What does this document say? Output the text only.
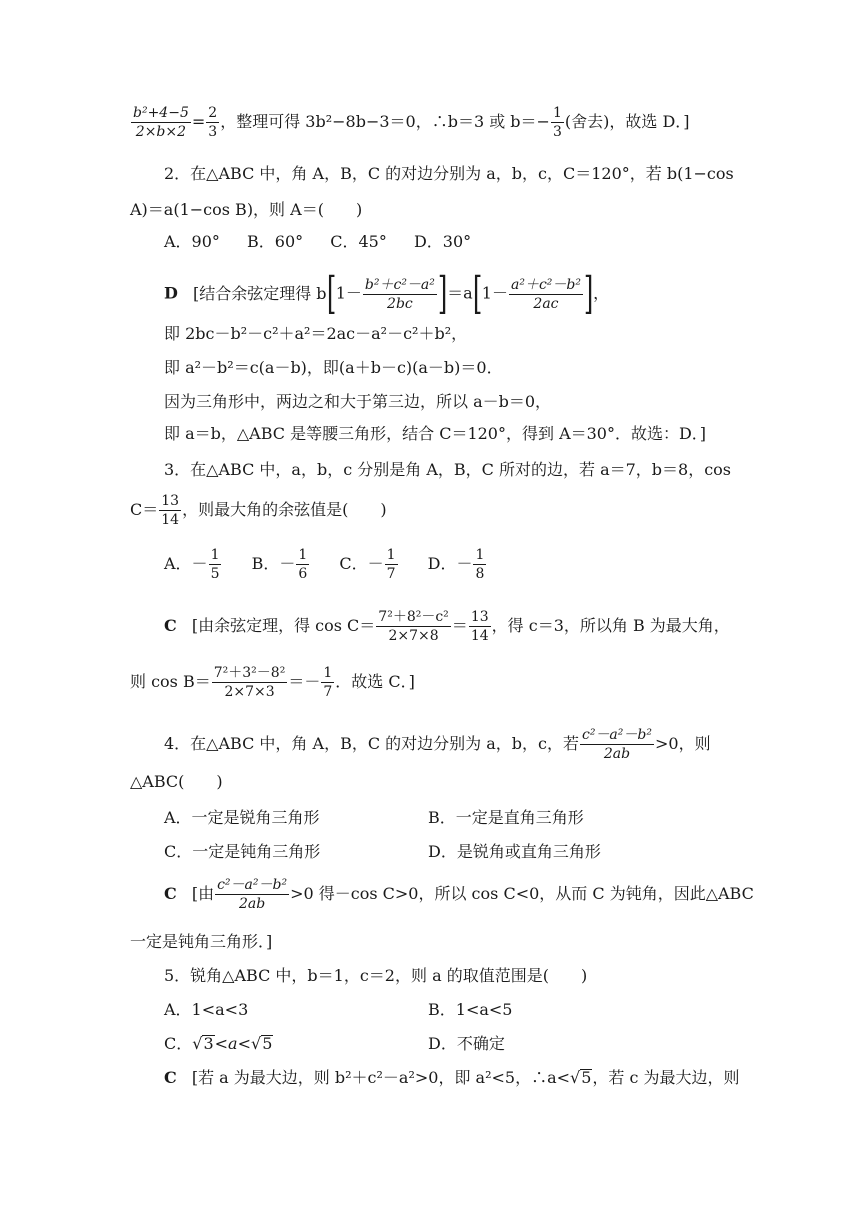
$\frac{\text{b²+4−5}}{2\times b\times 2} = \frac{2}{3}$ ，整理可得 3b²−8b−3＝0，∴b＝3 或 $b=- \frac{1}{3}$ (舍去)，故选 D．]
2．在△ABC 中，角 A，B，C 的对边分别为 a，b，c，C＝120°，若 b(1−cos
A)＝a(1−cos B)，则 A＝(　　)
A．90° B．60° C．45° D．30°
D [结合余弦定理得 $b[1- \frac{\text{b²＋c²－a²}}{2bc} ]=a[1- \frac{\text{a²＋c²－b²}}{2ac}$ ]，
即 2bc－b²－c²＋a²＝2ac－a²－c²＋b²，
即 a²－b²＝c(a－b)，即(a＋b－c)(a－b)＝0．
因为三角形中，两边之和大于第三边，所以 a－b＝0，
即 a＝b，△ABC 是等腰三角形，结合 C＝120°，得到 A＝30°．故选：D．]
3．在△ABC 中，a，b，c 分别是角 A，B，C 所对的边，若 a＝7，b＝8，cos
$C= \frac{13}{14}$ ，则最大角的余弦值是(　　)
A．－ $\frac{1}{5}$ B．－ $\frac{1}{6}$ C．－ $\frac{1}{7}$ D．－ $\frac{1}{8}$
C [由余弦定理，得 $\cos C= \frac{\text{7²＋8²－c²}}{2\times 7\times 8} = \frac{13}{14}$ ，得 c＝3，所以角 B 为最大角，
则 $\cos B= \frac{\text{7²＋3²－8²}}{2\times 7\times 3} =- \frac{1}{7}$ ．故选 C．]
4．在△ABC 中，角 A，B，C 的对边分别为 a，b，c，若 $\frac{\text{c²－a²－b²}}{2ab} >0$，则
△ABC(　　)
A．一定是锐角三角形	B．一定是直角三角形
C．一定是钝角三角形	D．是锐角或直角三角形
C [由 $\frac{\text{c²－a²－b²}}{2ab} >0$ 得－cos C>0，所以 cos C<0，从而 C 为钝角，因此△ABC
一定是钝角三角形．]
5．锐角△ABC 中，b＝1，c＝2，则 a 的取值范围是(　　)
A．1<a<3	B．1<a<5
C．√3<a<√5	D．不确定
C [若 a 为最大边，则 b²＋c²－a²>0，即 a²<5，∴a<√5，若 c 为最大边，则
